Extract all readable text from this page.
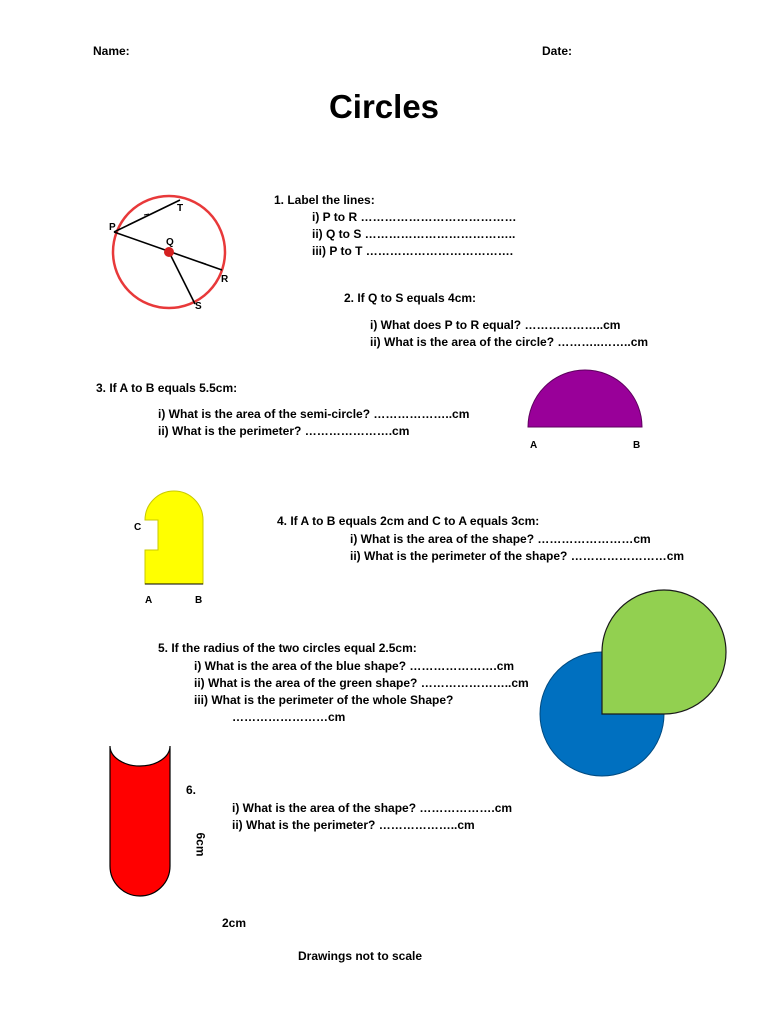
Name:	Date:
Circles
P
T
Q
R
S
1. Label the lines:
i) P to R …………………………………
ii) Q to S ………………………………..
iii) P to T ……………………………….
2. If Q to S equals 4cm:
i) What does P to R equal? ………………..cm
ii) What is the area of the circle? ………..……..cm
3. If A to B equals 5.5cm:
i) What is the area of the semi-circle? ………………..cm
ii) What is the perimeter? ………………….cm
A	B
C
A	B
4. If A to B equals 2cm and C to A equals 3cm:
i) What is the area of the shape? ……………………cm
ii) What is the perimeter of the shape? ……………………cm
5. If the radius of the two circles equal 2.5cm:
i) What is the area of the blue shape? ………………….cm
ii) What is the area of the green shape? …………………..cm
iii) What is the perimeter of the whole Shape?
……………………cm
6.
6cm
i) What is the area of the shape? ……………….cm
ii) What is the perimeter? ………………..cm
2cm
Drawings not to scale
